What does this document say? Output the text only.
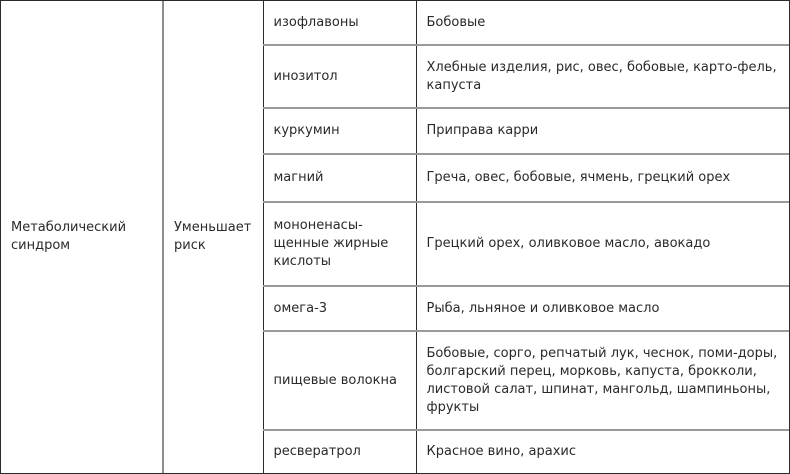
Метаболический синдром	Уменьшает риск	изофлавоны	Бобовые

		инозитол	Хлебные изделия, рис, овес, бобовые, карто-фель, капуста

		куркумин	Приправа карри

		магний	Греча, овес, бобовые, ячмень, грецкий орех

		мононенасы-щенные жирные кислоты	Грецкий орех, оливковое масло, авокадо

		омега-3	Рыба, льняное и оливковое масло

		пищевые волокна	Бобовые, сорго, репчатый лук, чеснок, поми-доры, болгарский перец, морковь, капуста, брокколи, листовой салат, шпинат, мангольд, шампиньоны, фрукты

		ресвератрол	Красное вино, арахис
